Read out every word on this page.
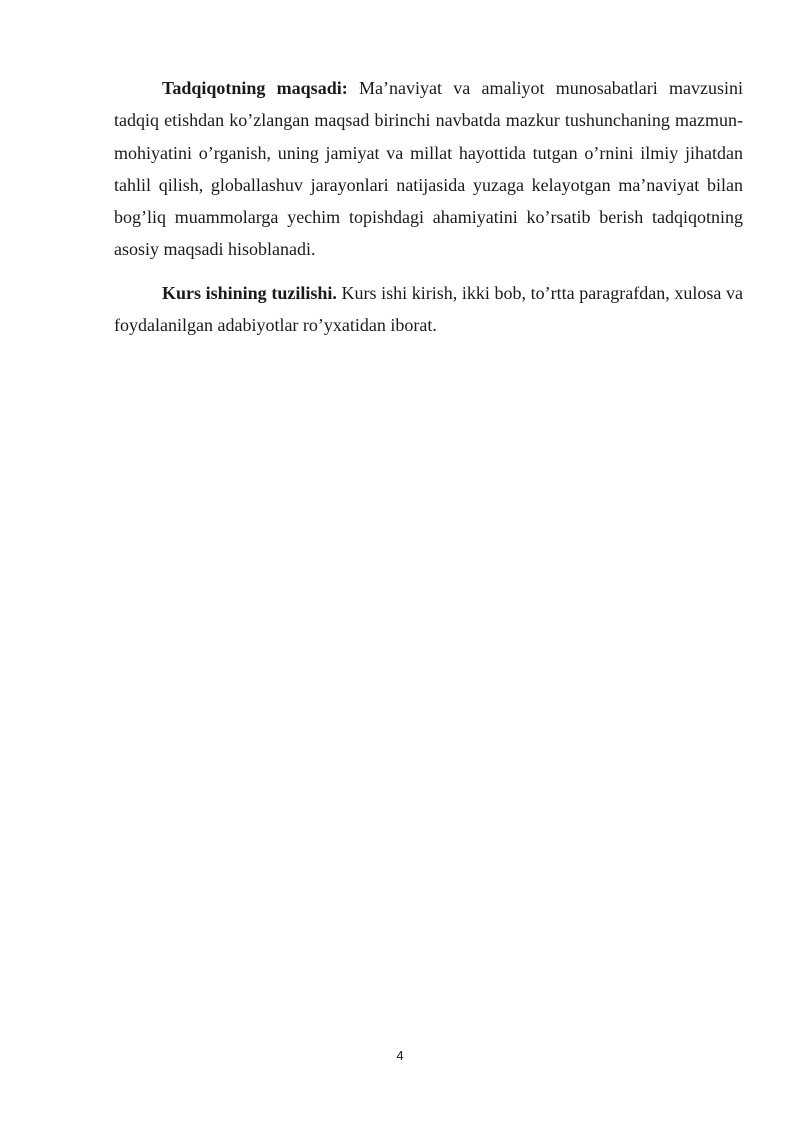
Tadqiqotning maqsadi: Ma’naviyat va amaliyot munosabatlari mavzusini tadqiq etishdan ko’zlangan maqsad birinchi navbatda mazkur tushunchaning mazmun-mohiyatini o’rganish, uning jamiyat va millat hayottida tutgan o’rnini ilmiy jihatdan tahlil qilish, globallashuv jarayonlari natijasida yuzaga kelayotgan ma’naviyat bilan bog’liq muammolarga yechim topishdagi ahamiyatini ko’rsatib berish tadqiqotning asosiy maqsadi hisoblanadi.

Kurs ishining tuzilishi. Kurs ishi kirish, ikki bob, to’rtta paragrafdan, xulosa va foydalanilgan adabiyotlar ro’yxatidan iborat.

4
